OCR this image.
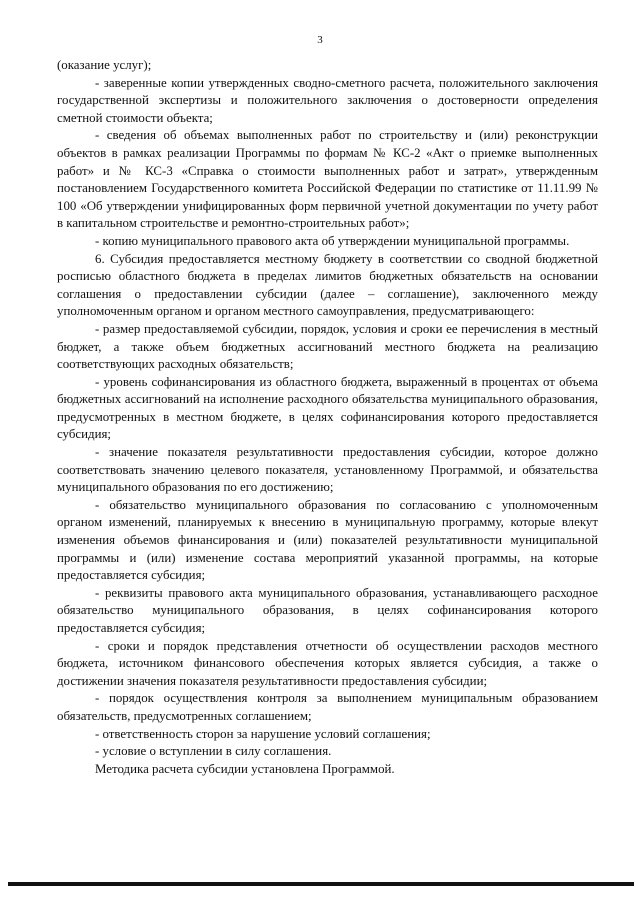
3

(оказание услуг);

- заверенные копии утвержденных сводно-сметного расчета, положительного заключения государственной экспертизы и положительного заключения о достоверности определения сметной стоимости объекта;

- сведения об объемах выполненных работ по строительству и (или) реконструкции объектов в рамках реализации Программы по формам № КС-2 «Акт о приемке выполненных работ» и № КС-3 «Справка о стоимости выполненных работ и затрат», утвержденным постановлением Государственного комитета Российской Федерации по статистике от 11.11.99 № 100 «Об утверждении унифицированных форм первичной учетной документации по учету работ в капитальном строительстве и ремонтно-строительных работ»;

- копию муниципального правового акта об утверждении муниципальной программы.

6. Субсидия предоставляется местному бюджету в соответствии со сводной бюджетной росписью областного бюджета в пределах лимитов бюджетных обязательств на основании соглашения о предоставлении субсидии (далее – соглашение), заключенного между уполномоченным органом и органом местного самоуправления, предусматривающего:

- размер предоставляемой субсидии, порядок, условия и сроки ее перечисления в местный бюджет, а также объем бюджетных ассигнований местного бюджета на реализацию соответствующих расходных обязательств;

- уровень софинансирования из областного бюджета, выраженный в процентах от объема бюджетных ассигнований на исполнение расходного обязательства муниципального образования, предусмотренных в местном бюджете, в целях софинансирования которого предоставляется субсидия;

- значение показателя результативности предоставления субсидии, которое должно соответствовать значению целевого показателя, установленному Программой, и обязательства муниципального образования по его достижению;

- обязательство муниципального образования по согласованию с уполномоченным органом изменений, планируемых к внесению в муниципальную программу, которые влекут изменения объемов финансирования и (или) показателей результативности муниципальной программы и (или) изменение состава мероприятий указанной программы, на которые предоставляется субсидия;

- реквизиты правового акта муниципального образования, устанавливающего расходное обязательство муниципального образования, в целях софинансирования которого предоставляется субсидия;

- сроки и порядок представления отчетности об осуществлении расходов местного бюджета, источником финансового обеспечения которых является субсидия, а также о достижении значения показателя результативности предоставления субсидии;

- порядок осуществления контроля за выполнением муниципальным образованием обязательств, предусмотренных соглашением;

- ответственность сторон за нарушение условий соглашения;

- условие о вступлении в силу соглашения.

Методика расчета субсидии установлена Программой.
